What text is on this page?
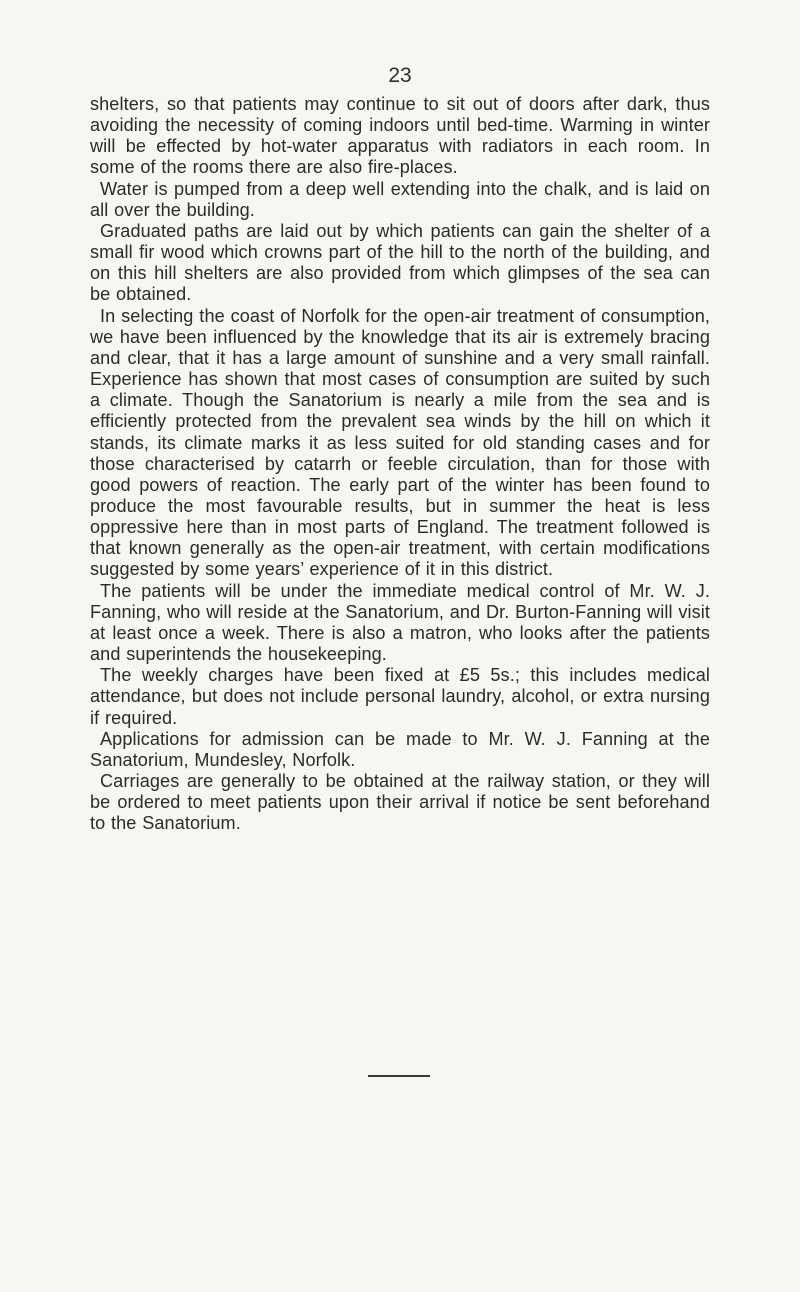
23

shelters, so that patients may continue to sit out of doors after dark, thus avoiding the necessity of coming indoors until bed-time. Warming in winter will be effected by hot-water apparatus with radiators in each room. In some of the rooms there are also fire-places.

Water is pumped from a deep well extending into the chalk, and is laid on all over the building.

Graduated paths are laid out by which patients can gain the shelter of a small fir wood which crowns part of the hill to the north of the building, and on this hill shelters are also provided from which glimpses of the sea can be obtained.

In selecting the coast of Norfolk for the open-air treatment of consumption, we have been influenced by the knowledge that its air is extremely bracing and clear, that it has a large amount of sunshine and a very small rainfall. Experience has shown that most cases of consumption are suited by such a climate. Though the Sanatorium is nearly a mile from the sea and is efficiently protected from the prevalent sea winds by the hill on which it stands, its climate marks it as less suited for old standing cases and for those characterised by catarrh or feeble circulation, than for those with good powers of reaction. The early part of the winter has been found to produce the most favourable results, but in summer the heat is less oppressive here than in most parts of England. The treatment followed is that known generally as the open-air treatment, with certain modifications suggested by some years’ experience of it in this district.

The patients will be under the immediate medical control of Mr. W. J. Fanning, who will reside at the Sanatorium, and Dr. Burton-Fanning will visit at least once a week. There is also a matron, who looks after the patients and superintends the housekeeping.

The weekly charges have been fixed at £5 5s.; this includes medical attendance, but does not include personal laundry, alcohol, or extra nursing if required.

Applications for admission can be made to Mr. W. J. Fanning at the Sanatorium, Mundesley, Norfolk.

Carriages are generally to be obtained at the railway station, or they will be ordered to meet patients upon their arrival if notice be sent beforehand to the Sanatorium.
